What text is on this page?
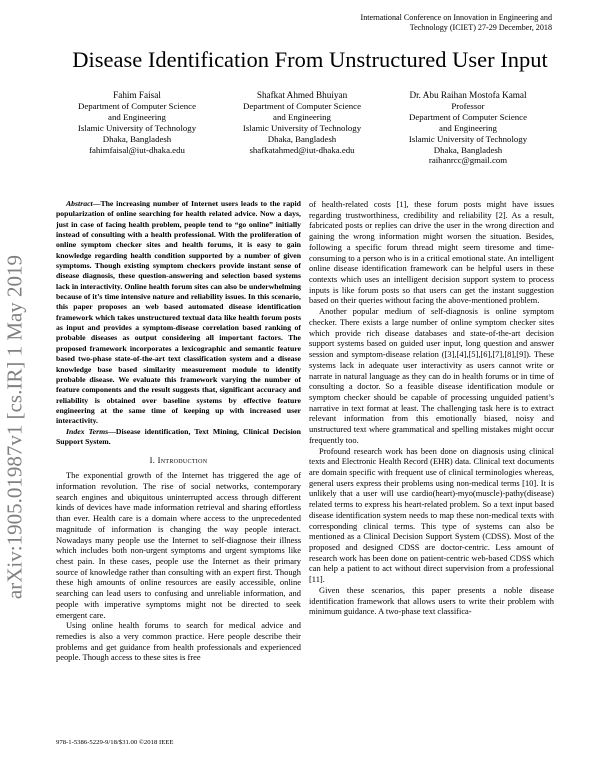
International Conference on Innovation in Engineering and
Technology (ICIET) 27-29 December, 2018
arXiv:1905.01987v1 [cs.IR] 1 May 2019
Disease Identification From Unstructured User Input
Fahim Faisal
Department of Computer Science
and Engineering
Islamic University of Technology
Dhaka, Bangladesh
fahimfaisal@iut-dhaka.edu
Shafkat Ahmed Bhuiyan
Department of Computer Science
and Engineering
Islamic University of Technology
Dhaka, Bangladesh
shafkatahmed@iut-dhaka.edu
Dr. Abu Raihan Mostofa Kamal
Professor
Department of Computer Science
and Engineering
Islamic University of Technology
Dhaka, Bangladesh
raihanrcc@gmail.com

Abstract—The increasing number of Internet users leads to the rapid popularization of online searching for health related advice. Now a days, just in case of facing health problem, people tend to “go online” initially instead of consulting with a health professional. With the proliferation of online symptom checker sites and health forums, it is easy to gain knowledge regarding health condition supported by a number of given symptoms. Though existing symptom checkers provide instant sense of disease diagnosis, these question-answering and selection based systems lack in interactivity. Online health forum sites can also be underwhelming because of it’s time intensive nature and reliability issues. In this scenario, this paper proposes an web based automated disease identification framework which takes unstructured textual data like health forum posts as input and provides a symptom-disease correlation based ranking of probable diseases as output considering all important factors. The proposed framework incorporates a lexicographic and semantic feature based two-phase state-of-the-art text classification system and a disease knowledge base based similarity measurement module to identify probable disease. We evaluate this framework varying the number of feature components and the result suggests that, significant accuracy and reliability is obtained over baseline systems by effective feature engineering at the same time of keeping up with increased user interactivity.

Index Terms—Disease identification, Text Mining, Clinical Decision Support System.

I. Introduction

The exponential growth of the Internet has triggered the age of information revolution. The rise of social networks, contemporary search engines and ubiquitous uninterrupted access through different kinds of devices have made information retrieval and sharing effortless than ever. Health care is a domain where access to the unprecedented magnitude of information is changing the way people interact. Nowadays many people use the Internet to self-diagnose their illness which includes both non-urgent symptoms and urgent symptoms like chest pain. In these cases, people use the Internet as their primary source of knowledge rather than consulting with an expert first. Though these high amounts of online resources are easily accessible, online searching can lead users to confusing and unreliable information, and people with imperative symptoms might not be directed to seek emergent care.

Using online health forums to search for medical advice and remedies is also a very common practice. Here people describe their problems and get guidance from health professionals and experienced people. Though access to these sites is free

of health-related costs [1], these forum posts might have issues regarding trustworthiness, credibility and reliability [2]. As a result, fabricated posts or replies can drive the user in the wrong direction and gaining the wrong information might worsen the situation. Besides, following a specific forum thread might seem tiresome and time-consuming to a person who is in a critical emotional state. An intelligent online disease identification framework can be helpful users in these contexts which uses an intelligent decision support system to process inputs is like forum posts so that users can get the instant suggestion based on their queries without facing the above-mentioned problem.

Another popular medium of self-diagnosis is online symptom checker. There exists a large number of online symptom checker sites which provide rich disease databases and state-of-the-art decision support systems based on guided user input, long question and answer session and symptom-disease relation ([3],[4],[5],[6],[7],[8],[9]). These systems lack in adequate user interactivity as users cannot write or narrate in natural language as they can do in health forums or in time of consulting a doctor. So a feasible disease identification module or symptom checker should be capable of processing unguided patient’s narrative in text format at least. The challenging task here is to extract relevant information from this emotionally biased, noisy and unstructured text where grammatical and spelling mistakes might occur frequently too.

Profound research work has been done on diagnosis using clinical texts and Electronic Health Record (EHR) data. Clinical text documents are domain specific with frequent use of clinical terminologies whereas, general users express their problems using non-medical terms [10]. It is unlikely that a user will use cardio(heart)-myo(muscle)-pathy(disease) related terms to express his heart-related problem. So a text input based disease identification system needs to map these non-medical texts with corresponding clinical terms. This type of systems can also be mentioned as a Clinical Decision Support System (CDSS). Most of the proposed and designed CDSS are doctor-centric. Less amount of research work has been done on patient-centric web-based CDSS which can help a patient to act without direct supervision from a professional [11].

Given these scenarios, this paper presents a noble disease identification framework that allows users to write their problem with minimum guidance. A two-phase text classifica-

978-1-5386-5229-9/18/$31.00 ©2018 IEEE
